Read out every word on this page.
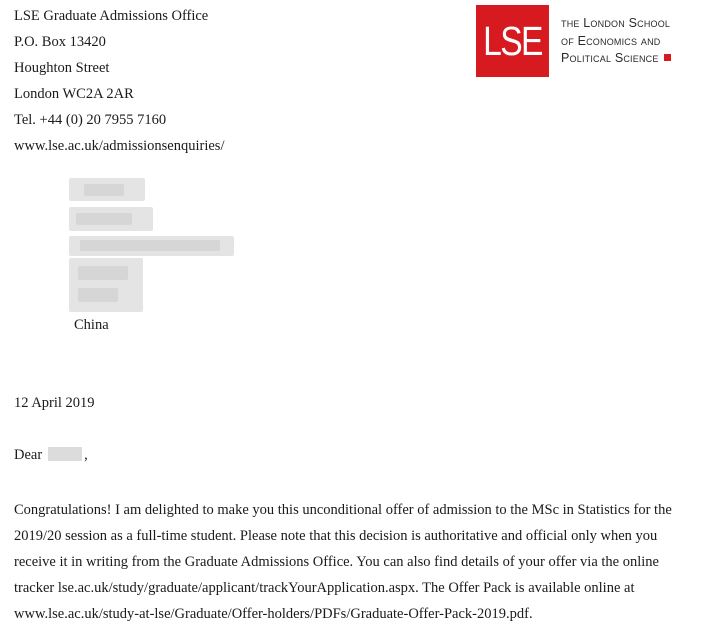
LSE Graduate Admissions Office
P.O. Box 13420
Houghton Street
London WC2A 2AR
Tel. +44 (0) 20 7955 7160
www.lse.ac.uk/admissionsenquiries/
LSE	the London School
of Economics and
Political Science
China
12 April 2019
Dear	,
Congratulations! I am delighted to make you this unconditional offer of admission to the MSc in Statistics for the
2019/20 session as a full-time student. Please note that this decision is authoritative and official only when you
receive it in writing from the Graduate Admissions Office. You can also find details of your offer via the online
tracker lse.ac.uk/study/graduate/applicant/trackYourApplication.aspx. The Offer Pack is available online at
www.lse.ac.uk/study-at-lse/Graduate/Offer-holders/PDFs/Graduate-Offer-Pack-2019.pdf.
